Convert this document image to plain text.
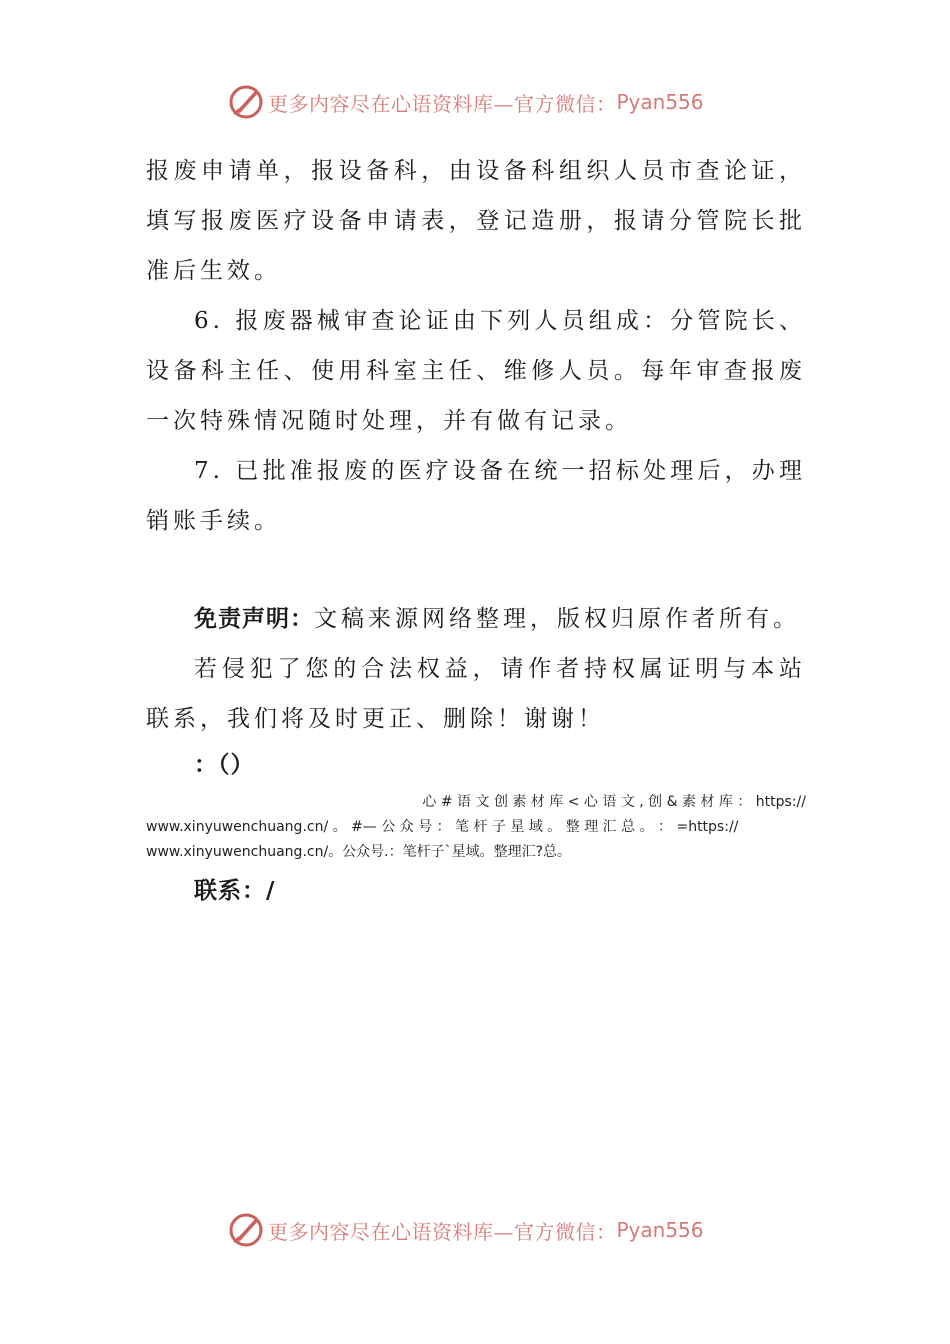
更多内容尽在心语资料库—官方微信： Pyan556

报废申请单，报设备科，由设备科组织人员市查论证，填写报废医疗设备申请表，登记造册，报请分管院长批准后生效。

6. 报废器械审查论证由下列人员组成：分管院长、设备科主任、使用科室主任、维修人员。每年审查报废一次特殊情况随时处理，并有做有记录。

7. 已批准报废的医疗设备在统一招标处理后，办理销账手续。

免责声明：文稿来源网络整理，版权归原作者所有。

若侵犯了您的合法权益，请作者持权属证明与本站联系，我们将及时更正、删除！谢谢！

：（）

心 # 语 文 创 素 材 库 < 心 语 文 , 创 & 素 材 库 ： https://

www.xinyuwenchuang.cn/ 。 #— 公 众 号 ： 笔 杆 子 星 域 。 整 理 汇 总 。 ： =https://

www.xinyuwenchuang.cn/。公众号.：笔杆子`星域。整理汇?总。

联系：/

更多内容尽在心语资料库—官方微信： Pyan556
